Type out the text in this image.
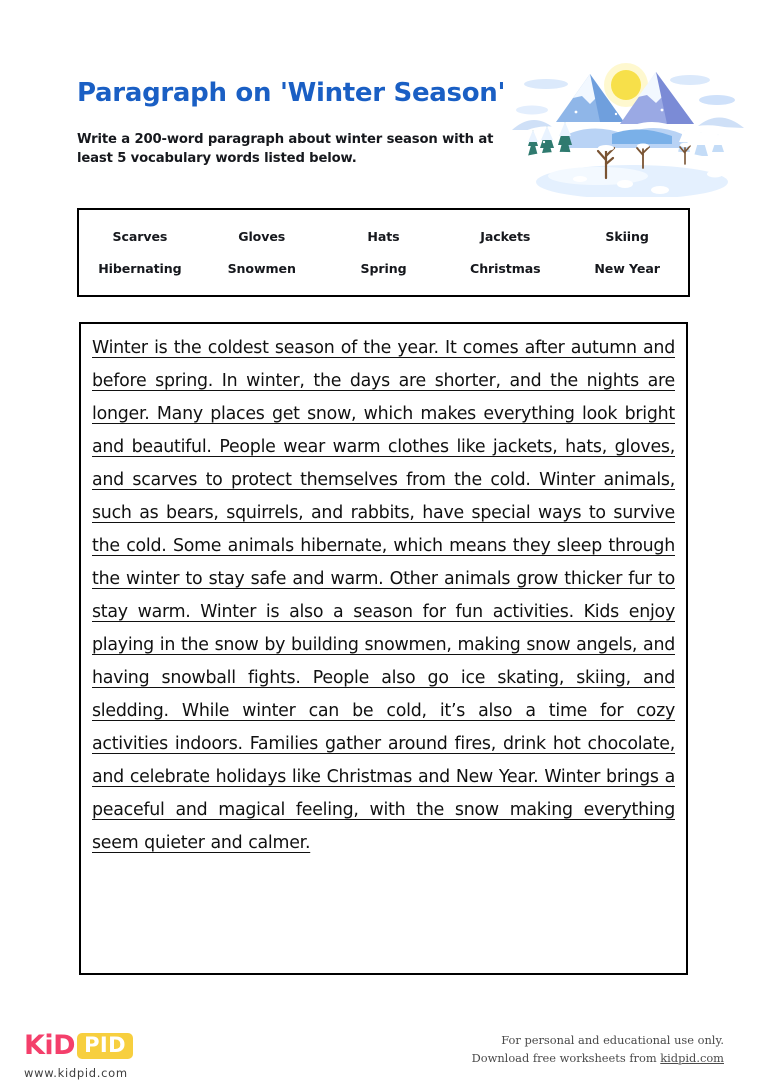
Paragraph on 'Winter Season'

Write a 200-word paragraph about winter season with at least 5 vocabulary words listed below.

Scarves	Gloves	Hats	Jackets	Skiing
Hibernating	Snowmen	Spring	Christmas	New Year

Winter is the coldest season of the year. It comes after autumn and before spring. In winter, the days are shorter, and the nights are longer. Many places get snow, which makes everything look bright and beautiful. People wear warm clothes like jackets, hats, gloves, and scarves to protect themselves from the cold. Winter animals, such as bears, squirrels, and rabbits, have special ways to survive the cold. Some animals hibernate, which means they sleep through the winter to stay safe and warm. Other animals grow thicker fur to stay warm. Winter is also a season for fun activities. Kids enjoy playing in the snow by building snowmen, making snow angels, and having snowball fights. People also go ice skating, skiing, and sledding. While winter can be cold, it’s also a time for cozy activities indoors. Families gather around fires, drink hot chocolate, and celebrate holidays like Christmas and New Year. Winter brings a peaceful and magical feeling, with the snow making everything seem quieter and calmer.

KiD PID
www.kidpid.com
For personal and educational use only.
Download free worksheets from kidpid.com
